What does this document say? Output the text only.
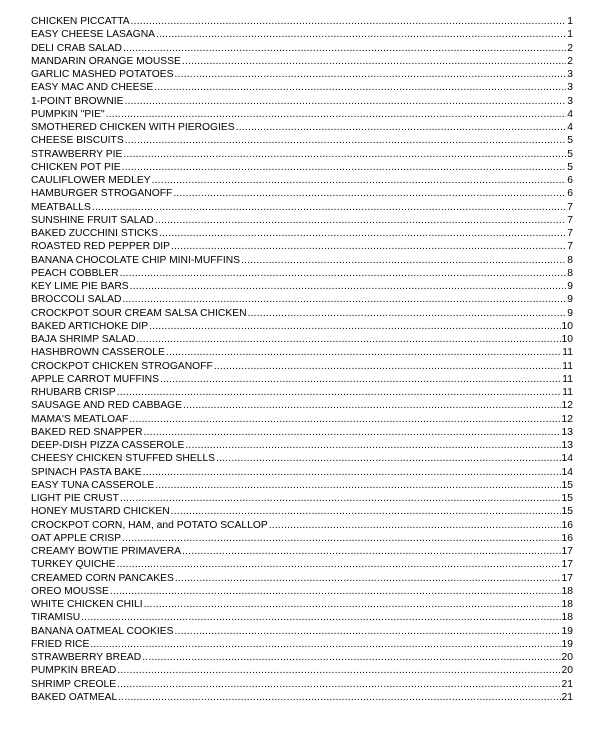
CHICKEN PICCATTA .....	1
EASY CHEESE LASAGNA .....	1
DELI CRAB SALAD .....	2
MANDARIN ORANGE MOUSSE .....	2
GARLIC MASHED POTATOES .....	3
EASY MAC AND CHEESE .....	3
1-POINT BROWNIE .....	3
PUMPKIN "PIE" .....	4
SMOTHERED CHICKEN WITH PIEROGIES .....	4
CHEESE BISCUITS .....	5
STRAWBERRY PIE .....	5
CHICKEN POT PIE .....	5
CAULIFLOWER MEDLEY .....	6
HAMBURGER STROGANOFF .....	6
MEATBALLS .....	7
SUNSHINE FRUIT SALAD .....	7
BAKED ZUCCHINI STICKS .....	7
ROASTED RED PEPPER DIP .....	7
BANANA CHOCOLATE CHIP MINI-MUFFINS .....	8
PEACH COBBLER .....	8
KEY LIME PIE BARS .....	9
BROCCOLI SALAD .....	9
CROCKPOT SOUR CREAM SALSA CHICKEN .....	9
BAKED ARTICHOKE DIP .....	10
BAJA SHRIMP SALAD .....	10
HASHBROWN CASSEROLE .....	11
CROCKPOT CHICKEN STROGANOFF .....	11
APPLE CARROT MUFFINS .....	11
RHUBARB CRISP .....	11
SAUSAGE AND RED CABBAGE .....	12
MAMA'S MEATLOAF .....	12
BAKED RED SNAPPER .....	13
DEEP-DISH PIZZA CASSEROLE .....	13
CHEESY CHICKEN STUFFED SHELLS .....	14
SPINACH PASTA BAKE .....	14
EASY TUNA CASSEROLE .....	15
LIGHT PIE CRUST .....	15
HONEY MUSTARD CHICKEN .....	15
CROCKPOT CORN, HAM, and POTATO SCALLOP .....	16
OAT APPLE CRISP .....	16
CREAMY BOWTIE PRIMAVERA .....	17
TURKEY QUICHE .....	17
CREAMED CORN PANCAKES .....	17
OREO MOUSSE .....	18
WHITE CHICKEN CHILI .....	18
TIRAMISU .....	18
BANANA OATMEAL COOKIES .....	19
FRIED RICE .....	19
STRAWBERRY BREAD .....	20
PUMPKIN BREAD .....	20
SHRIMP CREOLE .....	21
BAKED OATMEAL .....	21
